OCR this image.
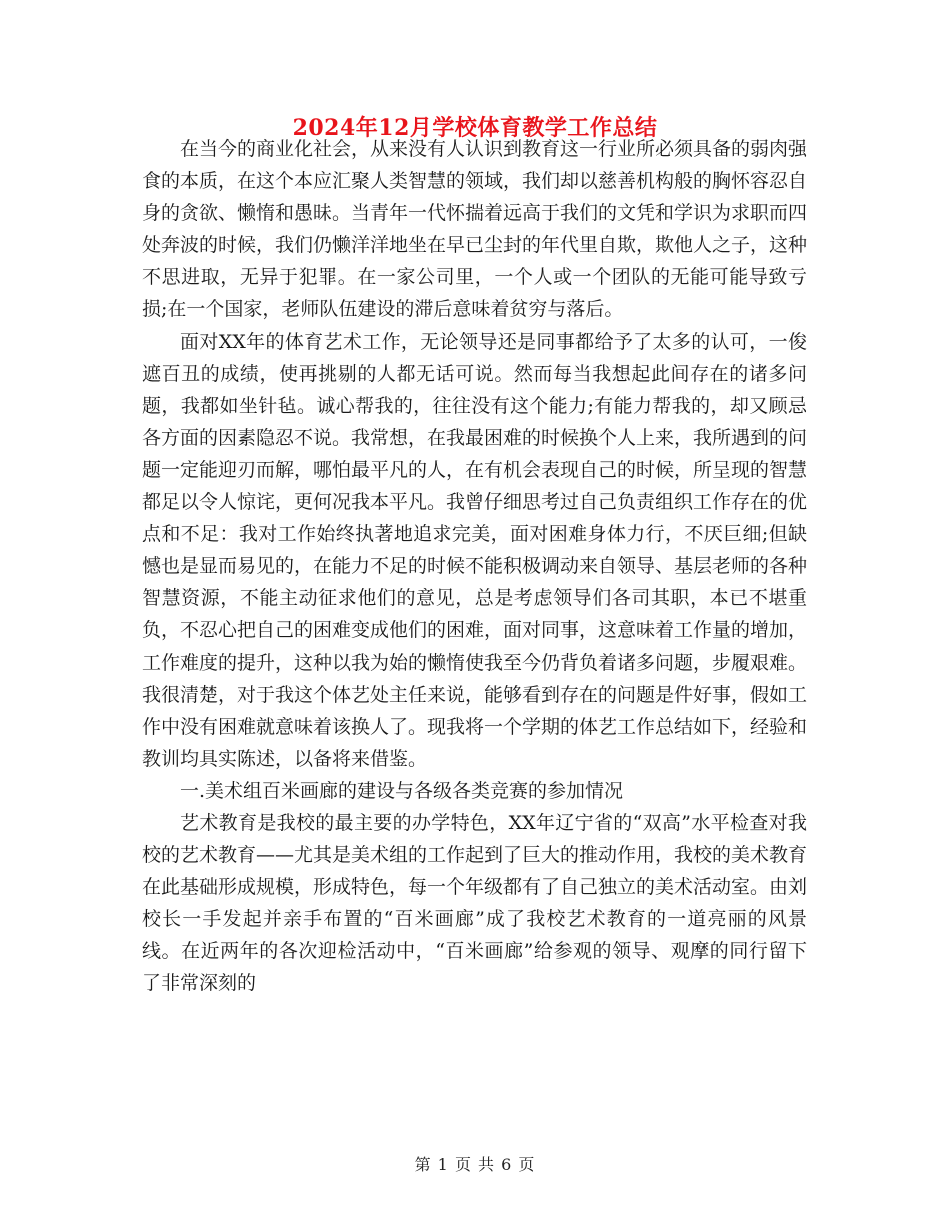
2024年12月学校体育教学工作总结

在当今的商业化社会，从来没有人认识到教育这一行业所必须具备的弱肉强食的本质，在这个本应汇聚人类智慧的领域，我们却以慈善机构般的胸怀容忍自身的贪欲、懒惰和愚昧。当青年一代怀揣着远高于我们的文凭和学识为求职而四处奔波的时候，我们仍懒洋洋地坐在早已尘封的年代里自欺，欺他人之子，这种不思进取，无异于犯罪。在一家公司里，一个人或一个团队的无能可能导致亏损;在一个国家，老师队伍建设的滞后意味着贫穷与落后。

面对XX年的体育艺术工作，无论领导还是同事都给予了太多的认可，一俊遮百丑的成绩，使再挑剔的人都无话可说。然而每当我想起此间存在的诸多问题，我都如坐针毡。诚心帮我的，往往没有这个能力;有能力帮我的，却又顾忌各方面的因素隐忍不说。我常想，在我最困难的时候换个人上来，我所遇到的问题一定能迎刃而解，哪怕最平凡的人，在有机会表现自己的时候，所呈现的智慧都足以令人惊诧，更何况我本平凡。我曾仔细思考过自己负责组织工作存在的优点和不足：我对工作始终执著地追求完美，面对困难身体力行，不厌巨细;但缺憾也是显而易见的，在能力不足的时候不能积极调动来自领导、基层老师的各种智慧资源，不能主动征求他们的意见，总是考虑领导们各司其职，本已不堪重负，不忍心把自己的困难变成他们的困难，面对同事，这意味着工作量的增加，工作难度的提升，这种以我为始的懒惰使我至今仍背负着诸多问题，步履艰难。我很清楚，对于我这个体艺处主任来说，能够看到存在的问题是件好事，假如工作中没有困难就意味着该换人了。现我将一个学期的体艺工作总结如下，经验和教训均具实陈述，以备将来借鉴。

一.美术组百米画廊的建设与各级各类竞赛的参加情况

艺术教育是我校的最主要的办学特色，XX年辽宁省的“双高”水平检查对我校的艺术教育——尤其是美术组的工作起到了巨大的推动作用，我校的美术教育在此基础形成规模，形成特色，每一个年级都有了自己独立的美术活动室。由刘校长一手发起并亲手布置的“百米画廊”成了我校艺术教育的一道亮丽的风景线。在近两年的各次迎检活动中，“百米画廊”给参观的领导、观摩的同行留下了非常深刻的

第 1 页 共 6 页
